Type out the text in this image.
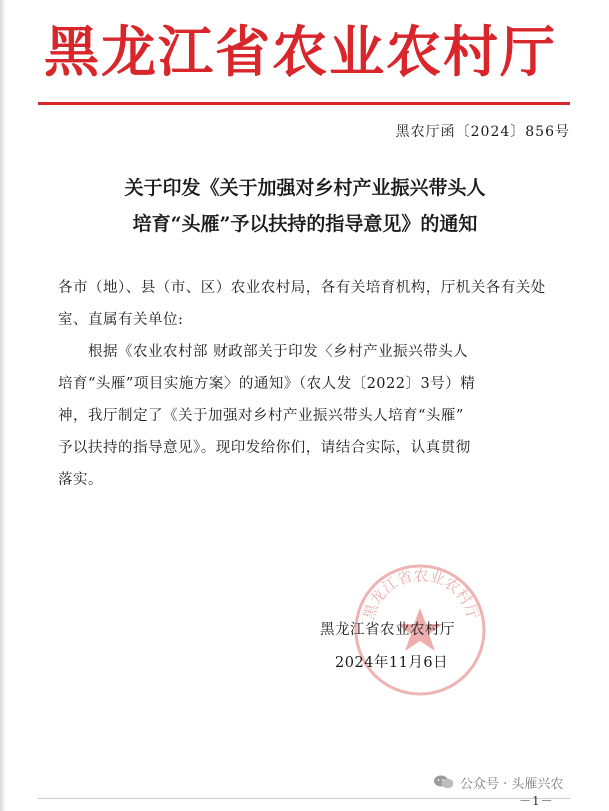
黑龙江省农业农村厅
黑农厅函〔2024〕856号
关于印发《关于加强对乡村产业振兴带头人
培育“头雁”予以扶持的指导意见》的通知
各市（地）、县（市、区）农业农村局，各有关培育机构，厅机关各有关处室、直属有关单位:
　　根据《农业农村部 财政部关于印发〈乡村产业振兴带头人
培育“头雁”项目实施方案〉的通知》（农人发〔2022〕3号）精
神，我厅制定了《关于加强对乡村产业振兴带头人培育“头雁”
予以扶持的指导意见》。现印发给你们，请结合实际，认真贯彻
落实。
黑龙江省农业农村厅
黑龙江省农业农村厅
2024年11月6日
公众号 · 头雁兴农
－1－
